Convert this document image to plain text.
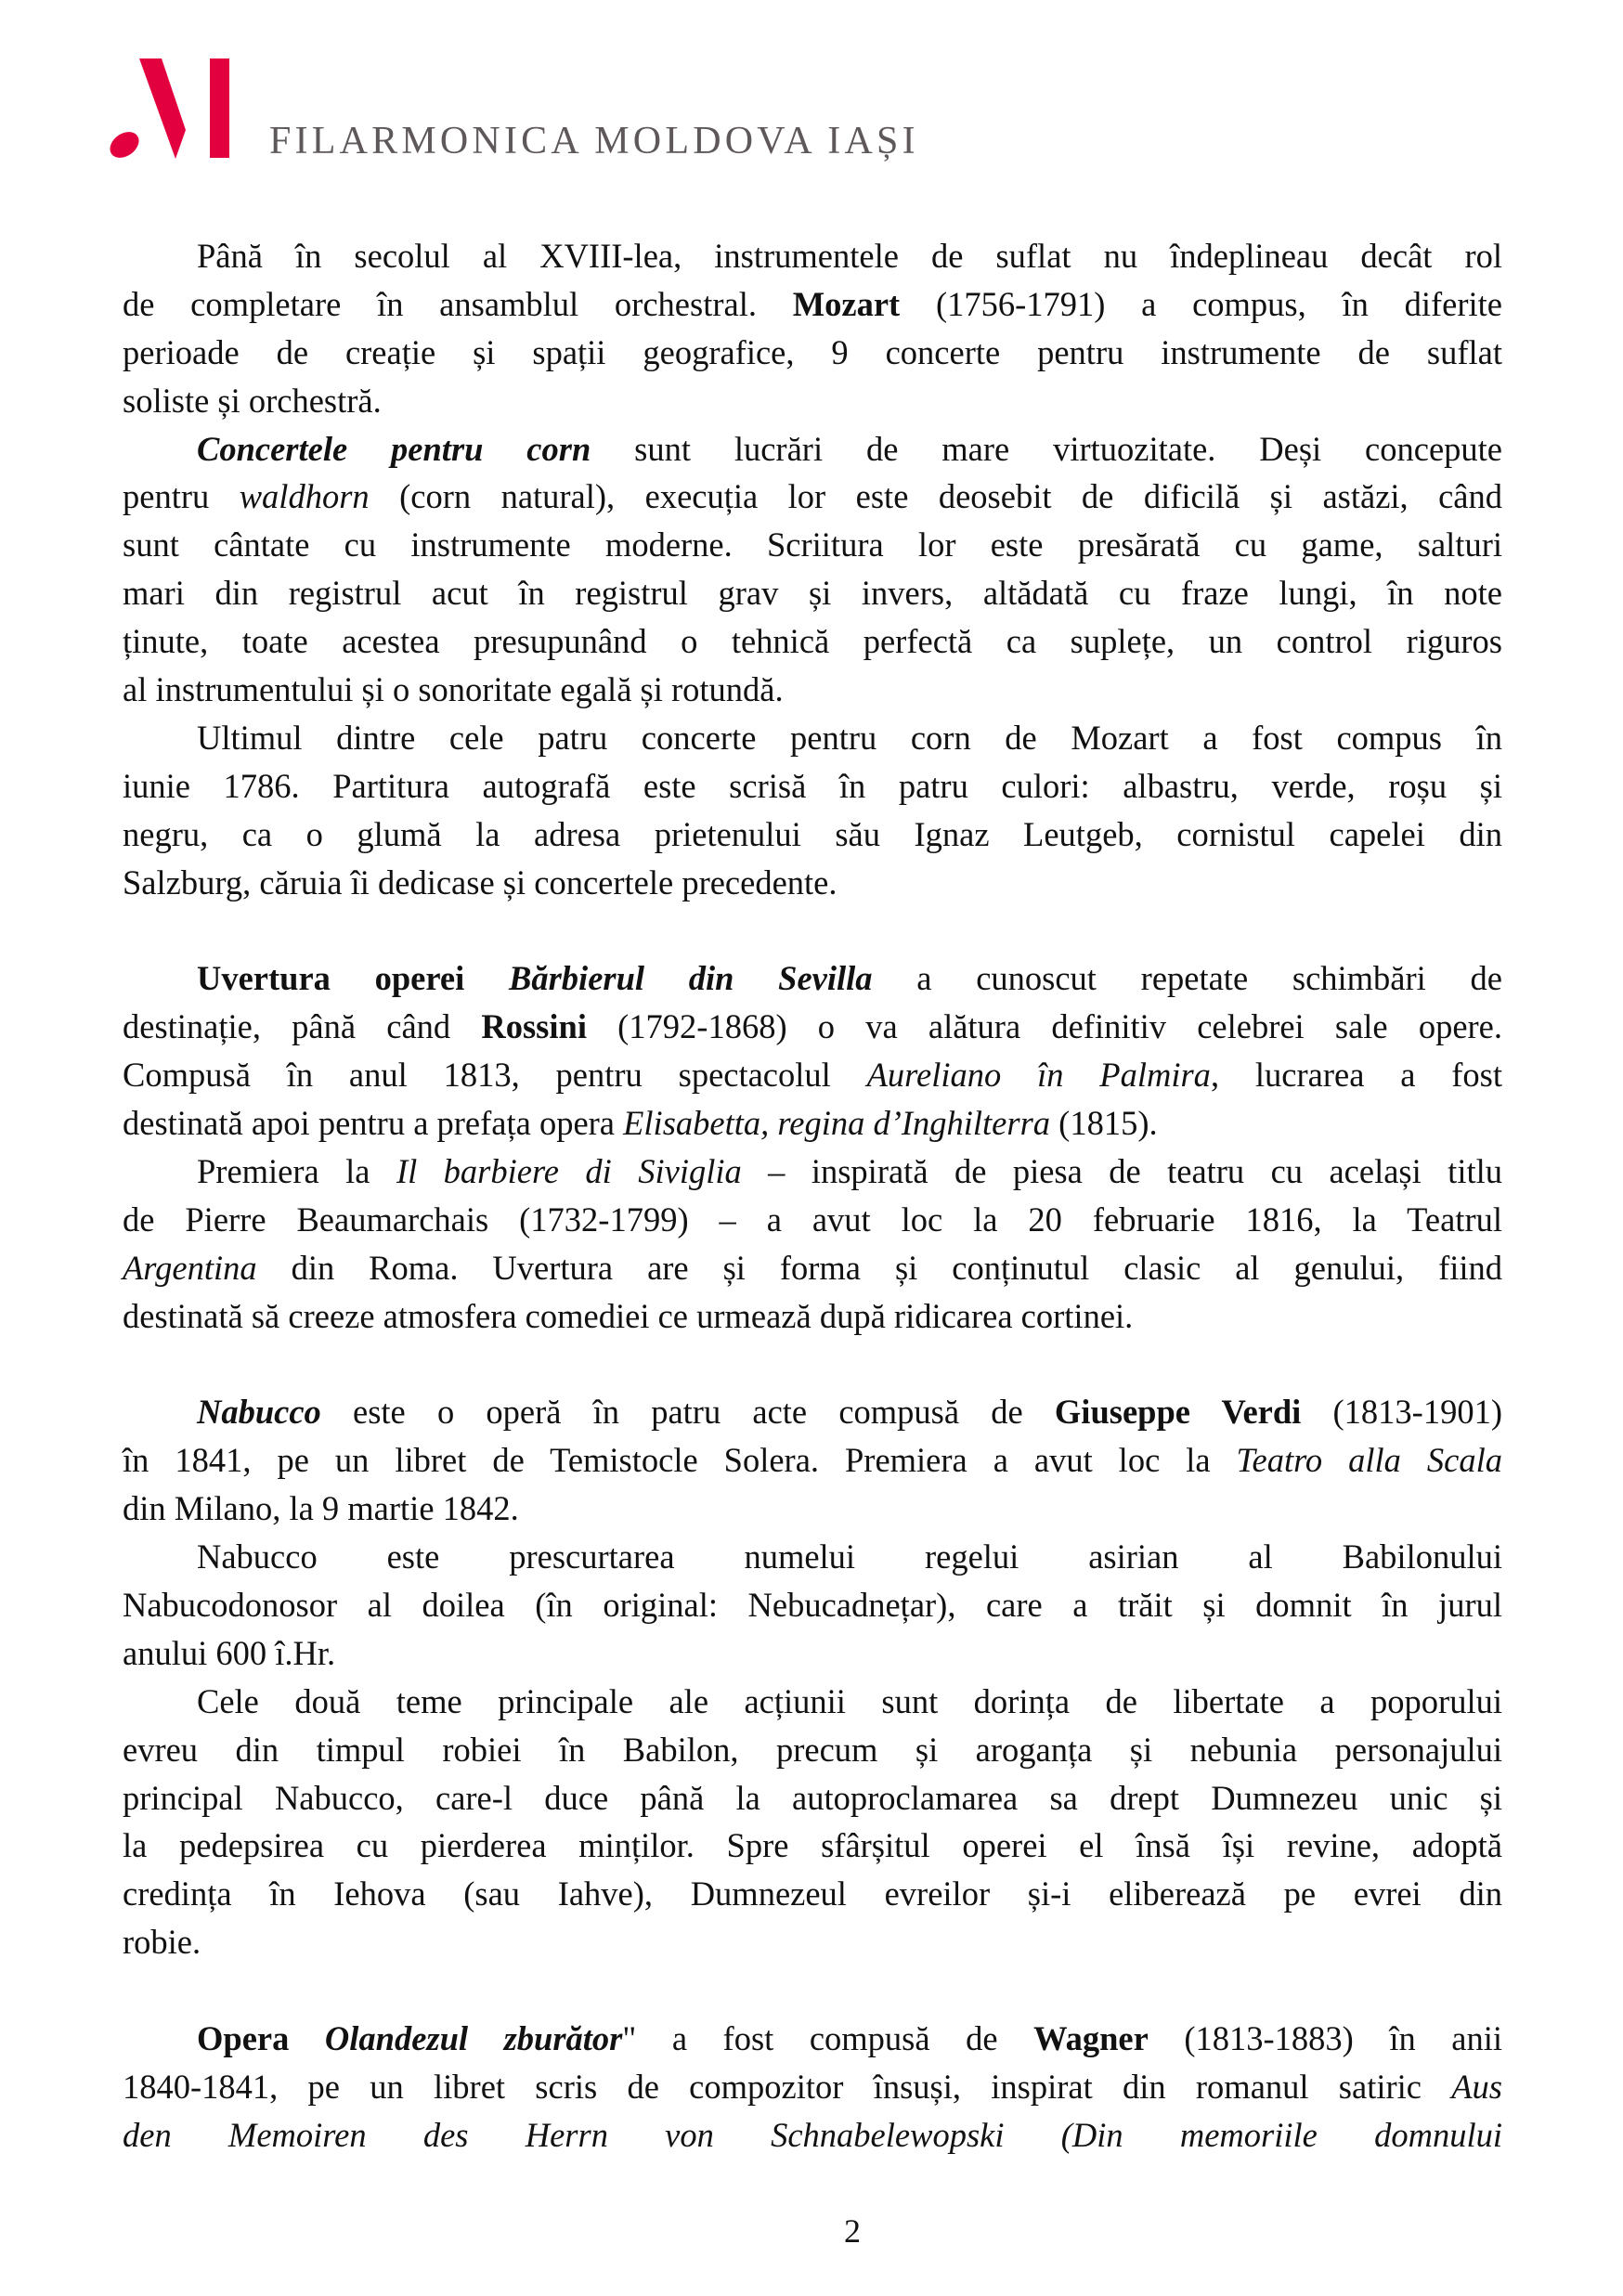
FILARMONICA MOLDOVA IAȘI
Până în secolul al XVIII-lea, instrumentele de suflat nu îndeplineau decât rol
de completare în ansamblul orchestral. Mozart (1756-1791) a compus, în diferite
perioade de creație și spații geografice, 9 concerte pentru instrumente de suflat
soliste și orchestră.
Concertele pentru corn sunt lucrări de mare virtuozitate. Deși concepute
pentru waldhorn (corn natural), execuția lor este deosebit de dificilă și astăzi, când
sunt cântate cu instrumente moderne. Scriitura lor este presărată cu game, salturi
mari din registrul acut în registrul grav și invers, altădată cu fraze lungi, în note
ținute, toate acestea presupunând o tehnică perfectă ca suplețe, un control riguros
al instrumentului și o sonoritate egală și rotundă.
Ultimul dintre cele patru concerte pentru corn de Mozart a fost compus în
iunie 1786. Partitura autografă este scrisă în patru culori: albastru, verde, roșu și
negru, ca o glumă la adresa prietenului său Ignaz Leutgeb, cornistul capelei din
Salzburg, căruia îi dedicase și concertele precedente.
Uvertura operei Bărbierul din Sevilla a cunoscut repetate schimbări de
destinație, până când Rossini (1792-1868) o va alătura definitiv celebrei sale opere.
Compusă în anul 1813, pentru spectacolul Aureliano în Palmira, lucrarea a fost
destinată apoi pentru a prefața opera Elisabetta, regina d’Inghilterra (1815).
Premiera la Il barbiere di Siviglia – inspirată de piesa de teatru cu același titlu
de Pierre Beaumarchais (1732-1799) – a avut loc la 20 februarie 1816, la Teatrul
Argentina din Roma. Uvertura are și forma și conținutul clasic al genului, fiind
destinată să creeze atmosfera comediei ce urmează după ridicarea cortinei.
Nabucco este o operă în patru acte compusă de Giuseppe Verdi (1813-1901)
în 1841, pe un libret de Temistocle Solera. Premiera a avut loc la Teatro alla Scala
din Milano, la 9 martie 1842.
Nabucco este prescurtarea numelui regelui asirian al Babilonului
Nabucodonosor al doilea (în original: Nebucadnețar), care a trăit și domnit în jurul
anului 600 î.Hr.
Cele două teme principale ale acțiunii sunt dorința de libertate a poporului
evreu din timpul robiei în Babilon, precum și aroganța și nebunia personajului
principal Nabucco, care-l duce până la autoproclamarea sa drept Dumnezeu unic și
la pedepsirea cu pierderea minților. Spre sfârșitul operei el însă își revine, adoptă
credința în Iehova (sau Iahve), Dumnezeul evreilor și-i eliberează pe evrei din
robie.
Opera Olandezul zburător" a fost compusă de Wagner (1813-1883) în anii
1840-1841, pe un libret scris de compozitor însuși, inspirat din romanul satiric Aus
den Memoiren des Herrn von Schnabelewopski (Din memoriile domnului
2
